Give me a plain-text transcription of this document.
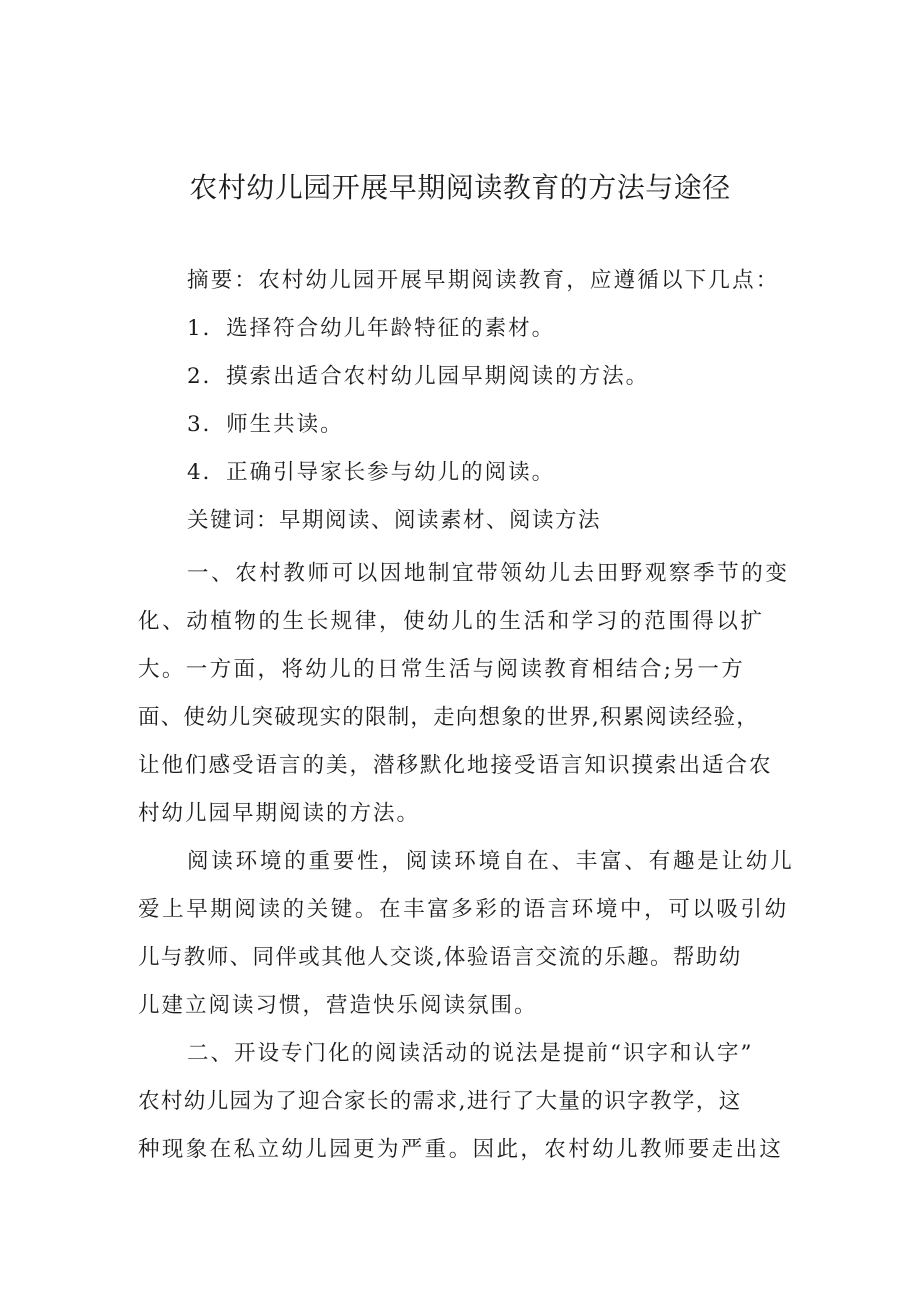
农村幼儿园开展早期阅读教育的方法与途径

摘要：农村幼儿园开展早期阅读教育，应遵循以下几点：

1．选择符合幼儿年龄特征的素材。

2．摸索出适合农村幼儿园早期阅读的方法。

3．师生共读。

4．正确引导家长参与幼儿的阅读。

关键词：早期阅读、阅读素材、阅读方法

一、农村教师可以因地制宜带领幼儿去田野观察季节的变
化、动植物的生长规律，使幼儿的生活和学习的范围得以扩
大。一方面，将幼儿的日常生活与阅读教育相结合;另一方
面、使幼儿突破现实的限制，走向想象的世界,积累阅读经验，
让他们感受语言的美，潜移默化地接受语言知识摸索出适合农
村幼儿园早期阅读的方法。
阅读环境的重要性，阅读环境自在、丰富、有趣是让幼儿
爱上早期阅读的关键。在丰富多彩的语言环境中，可以吸引幼
儿与教师、同伴或其他人交谈,体验语言交流的乐趣。帮助幼
儿建立阅读习惯，营造快乐阅读氛围。
二、开设专门化的阅读活动的说法是提前“识字和认字”
农村幼儿园为了迎合家长的需求,进行了大量的识字教学，这
种现象在私立幼儿园更为严重。因此，农村幼儿教师要走出这
